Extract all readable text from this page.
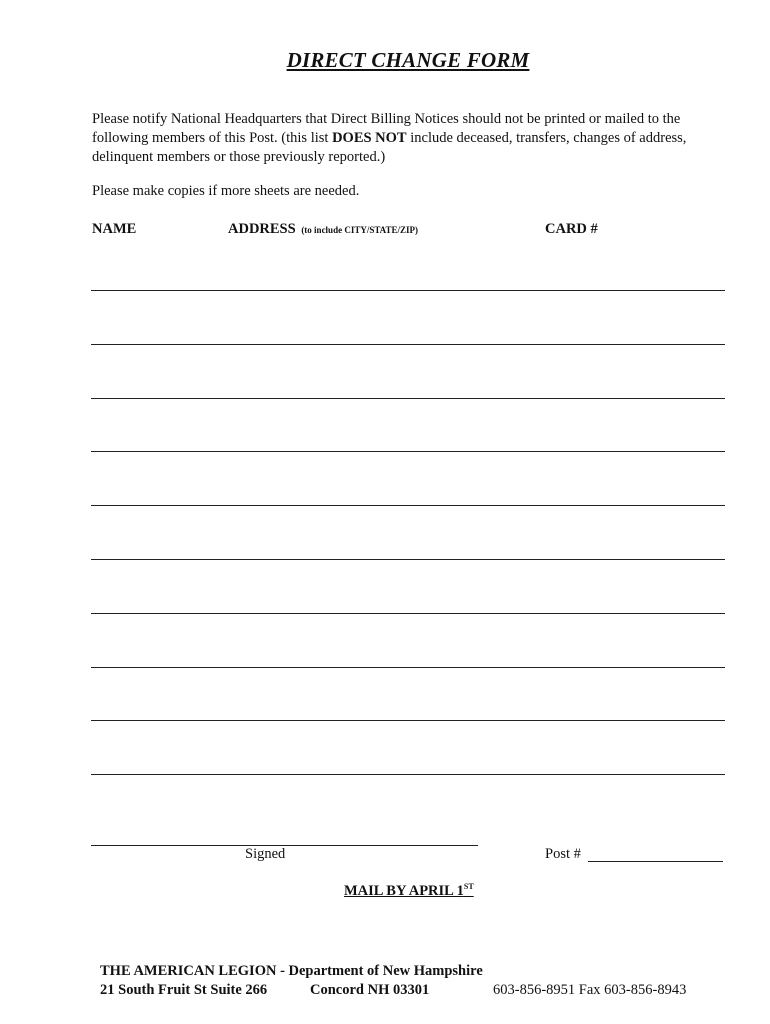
DIRECT CHANGE FORM
Please notify National Headquarters that Direct Billing Notices should not be printed or mailed to the following members of this Post. (this list DOES NOT include deceased, transfers, changes of address, delinquent members or those previously reported.)
Please make copies if more sheets are needed.
NAME	ADDRESS (to include CITY/STATE/ZIP)	CARD #
Signed	Post #
MAIL BY APRIL 1ST
THE AMERICAN LEGION - Department of New Hampshire
21 South Fruit St Suite 266	Concord NH 03301	603-856-8951 Fax 603-856-8943
